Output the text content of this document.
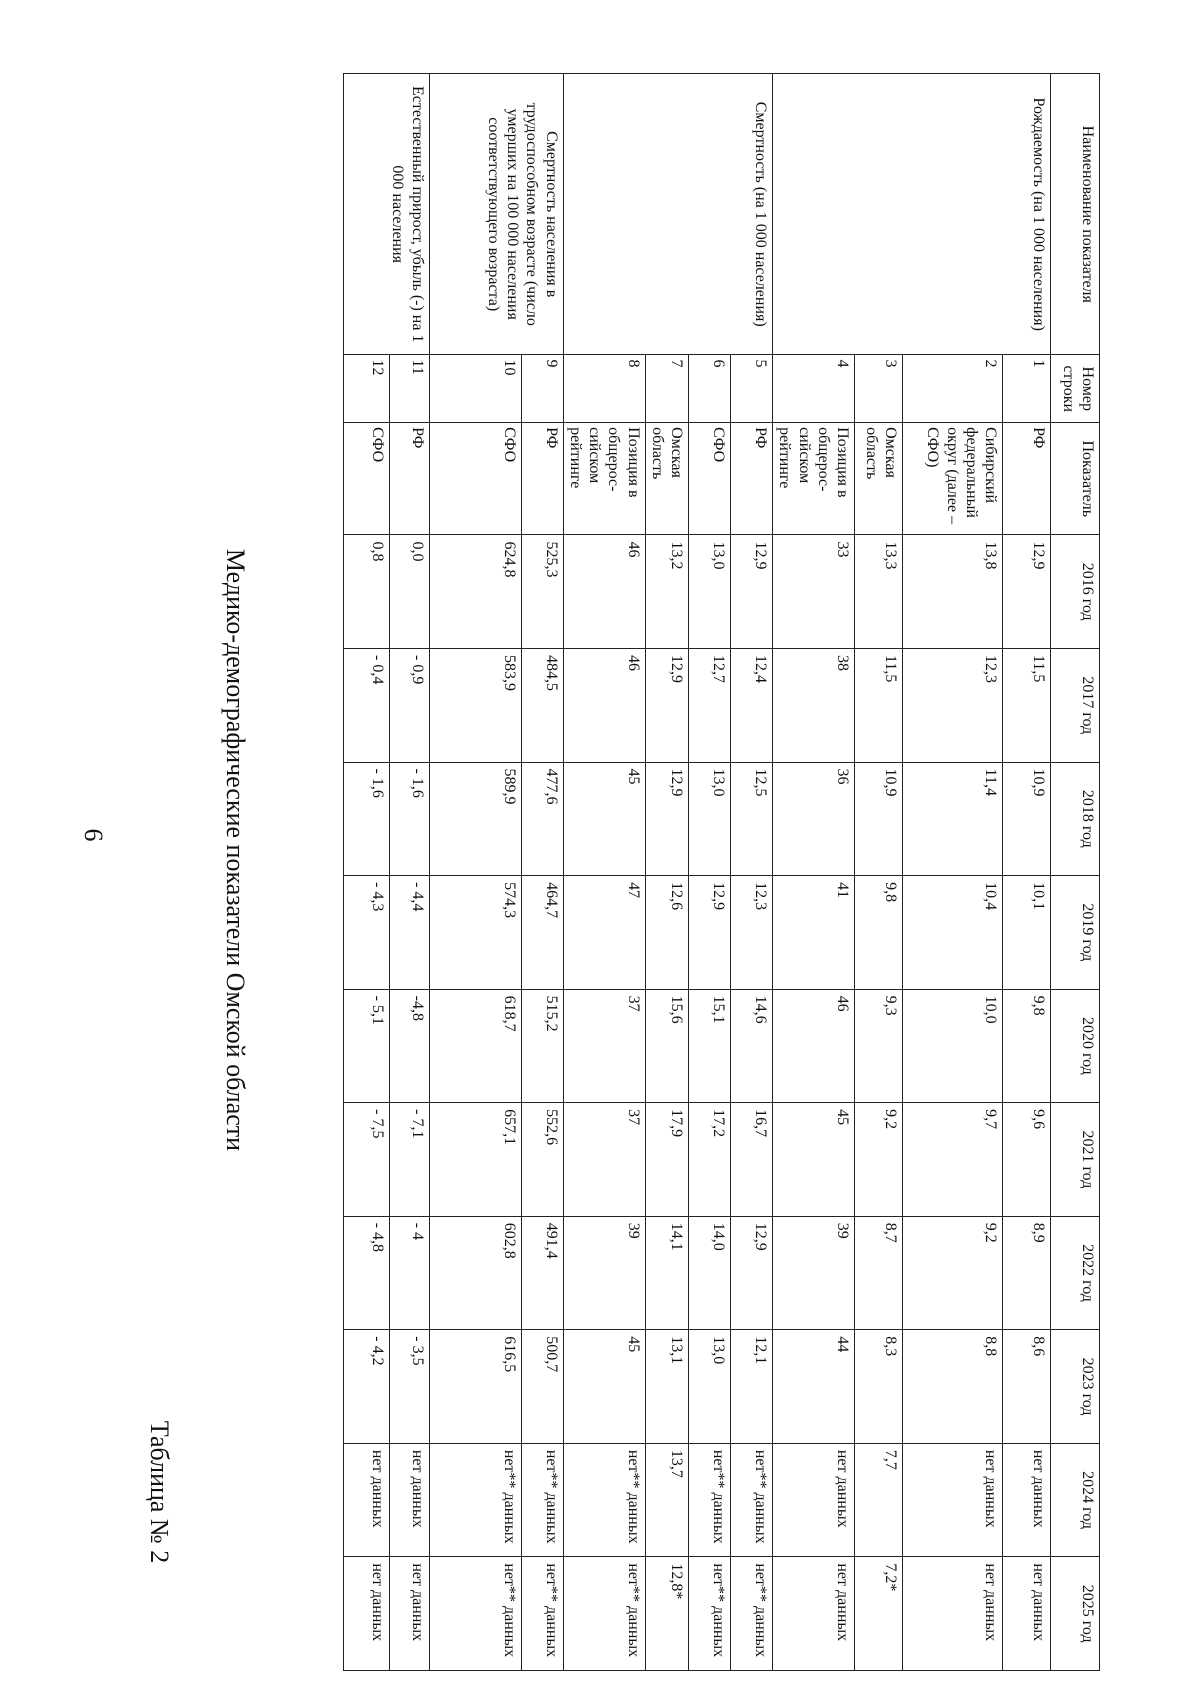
6
Таблица № 2
Медико-демографические показатели Омской области
Наименование показателя	Номер строки	Показатель	2016 год	2017 год	2018 год	2019 год	2020 год	2021 год	2022 год	2023 год	2024 год	2025 год
Рождаемость (на 1 000 населения)	1	РФ	12,9	11,5	10,9	10,1	9,8	9,6	8,9	8,6	нет данных	нет данных
	2	Сибирский федеральный округ (далее – СФО)	13,8	12,3	11,4	10,4	10,0	9,7	9,2	8,8	нет данных	нет данных
	3	Омская область	13,3	11,5	10,9	9,8	9,3	9,2	8,7	8,3	7,7	7,2*
	4	Позиция в общерос-сийском рейтинге	33	38	36	41	46	45	39	44	нет данных	нет данных
Смертность (на 1 000 населения)	5	РФ	12,9	12,4	12,5	12,3	14,6	16,7	12,9	12,1	нет** данных	нет** данных
	6	СФО	13,0	12,7	13,0	12,9	15,1	17,2	14,0	13,0	нет** данных	нет** данных
	7	Омская область	13,2	12,9	12,9	12,6	15,6	17,9	14,1	13,1	13,7	12,8*
	8	Позиция в общерос-сийском рейтинге	46	46	45	47	37	37	39	45	нет** данных	нет** данных
Смертность населения в трудоспособном возрасте (число умерших на 100 000 населения соответствующего возраста)	9	РФ	525,3	484,5	477,6	464,7	515,2	552,6	491,4	500,7	нет** данных	нет** данных
	10	СФО	624,8	583,9	589,9	574,3	618,7	657,1	602,8	616,5	нет** данных	нет** данных
Естественный прирост, убыль (-) на 1 000 населения	11	РФ	0,0	- 0,9	- 1,6	- 4,4	-4,8	- 7,1	- 4	- 3,5	нет данных	нет данных
	12	СФО	0,8	- 0,4	- 1,6	- 4,3	- 5,1	- 7,5	- 4,8	- 4,2	нет данных	нет данных
